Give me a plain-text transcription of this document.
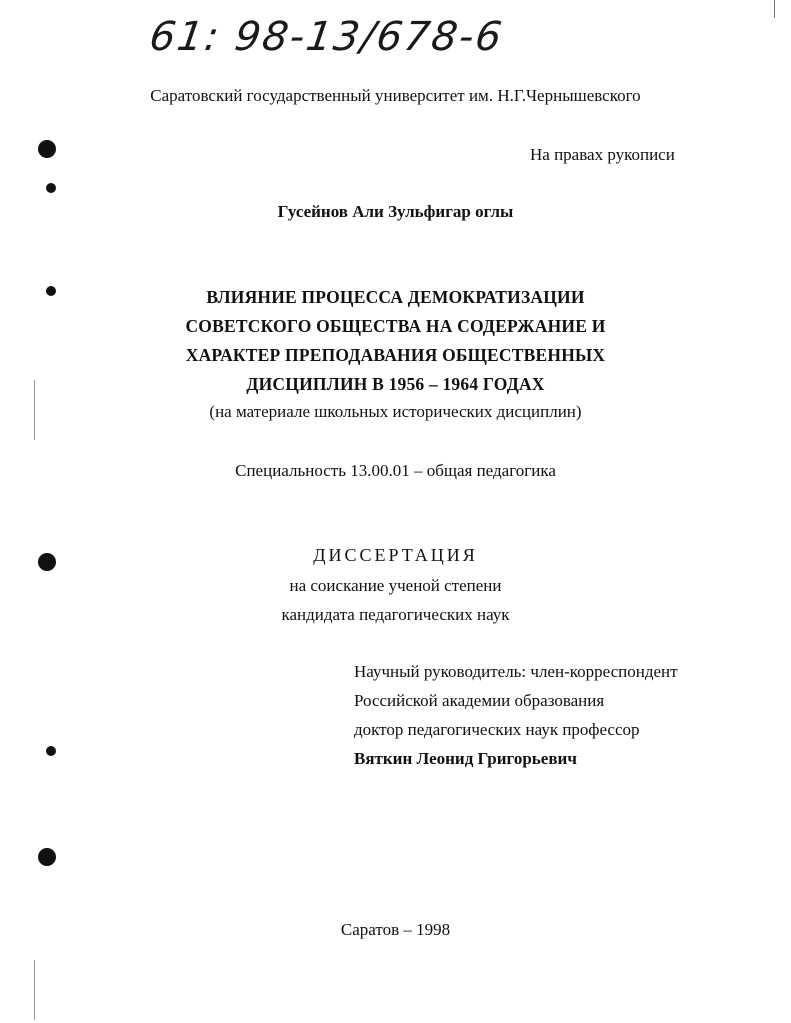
61: 98-13/678-6
Саратовский государственный университет им. Н.Г.Чернышевского
На правах рукописи
Гусейнов Али Зульфигар оглы
ВЛИЯНИЕ ПРОЦЕССА ДЕМОКРАТИЗАЦИИ
СОВЕТСКОГО ОБЩЕСТВА НА СОДЕРЖАНИЕ И
ХАРАКТЕР ПРЕПОДАВАНИЯ ОБЩЕСТВЕННЫХ
ДИСЦИПЛИН В 1956 – 1964 ГОДАХ
(на материале школьных исторических дисциплин)
Специальность 13.00.01 – общая педагогика
ДИССЕРТАЦИЯ
на соискание ученой степени
кандидата педагогических наук
Научный руководитель: член-корреспондент
Российской академии образования
доктор педагогических наук профессор
Вяткин Леонид Григорьевич
Саратов – 1998
